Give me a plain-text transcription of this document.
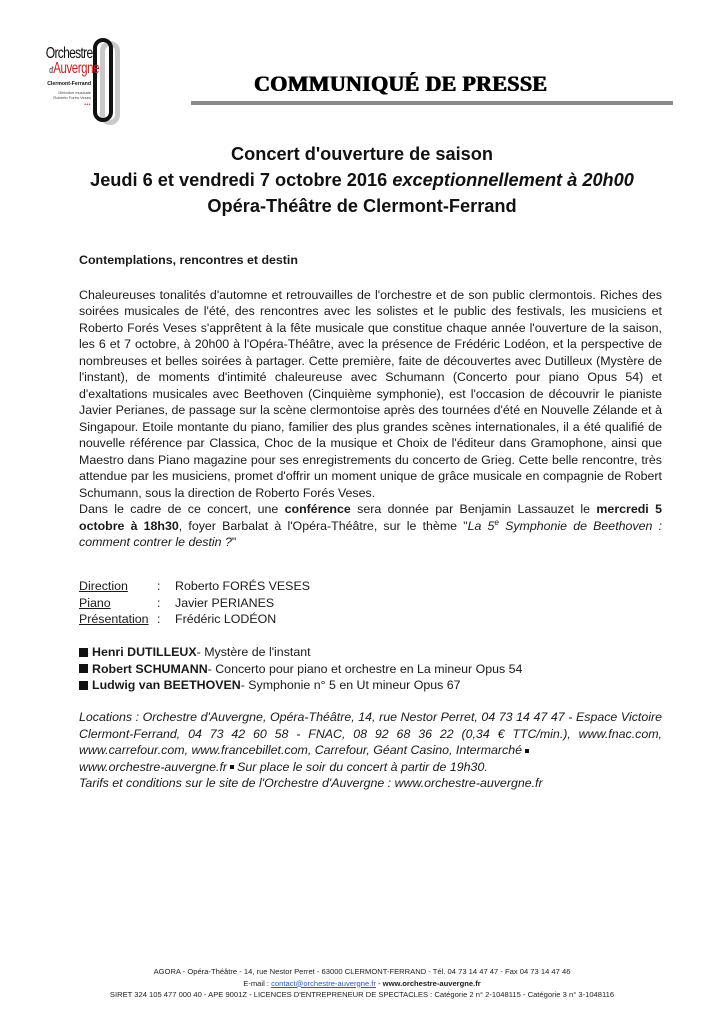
Orchestre
d'Auvergne
Clermont-Ferrand
Direction musicale
Roberto Forés Veses
•••
COMMUNIQUÉ DE PRESSE
Concert d'ouverture de saison
Jeudi 6 et vendredi 7 octobre 2016 exceptionnellement à 20h00
Opéra-Théâtre de Clermont-Ferrand

Contemplations, rencontres et destin

Chaleureuses tonalités d'automne et retrouvailles de l'orchestre et de son public clermontois. Riches des soirées musicales de l'été, des rencontres avec les solistes et le public des festivals, les musiciens et Roberto Forés Veses s'apprêtent à la fête musicale que constitue chaque année l'ouverture de la saison, les 6 et 7 octobre, à 20h00 à l'Opéra-Théâtre, avec la présence de Frédéric Lodéon, et la perspective de nombreuses et belles soirées à partager. Cette première, faite de découvertes avec Dutilleux (Mystère de l'instant), de moments d'intimité chaleureuse avec Schumann (Concerto pour piano Opus 54) et d'exaltations musicales avec Beethoven (Cinquième symphonie), est l'occasion de découvrir le pianiste Javier Perianes, de passage sur la scène clermontoise après des tournées d'été en Nouvelle Zélande et à Singapour. Etoile montante du piano, familier des plus grandes scènes internationales, il a été qualifié de nouvelle référence par Classica, Choc de la musique et Choix de l'éditeur dans Gramophone, ainsi que Maestro dans Piano magazine pour ses enregistrements du concerto de Grieg. Cette belle rencontre, très attendue par les musiciens, promet d'offrir un moment unique de grâce musicale en compagnie de Robert Schumann, sous la direction de Roberto Forés Veses.

Dans le cadre de ce concert, une conférence sera donnée par Benjamin Lassauzet le mercredi 5 octobre à 18h30, foyer Barbalat à l'Opéra-Théâtre, sur le thème "La 5e Symphonie de Beethoven : comment contrer le destin ?"

Direction	:	Roberto FORÉS VESES
Piano	:	Javier PERIANES
Présentation :	Frédéric LODÉON
Henri DUTILLEUX - Mystère de l'instant
Robert SCHUMANN - Concerto pour piano et orchestre en La mineur Opus 54
Ludwig van BEETHOVEN - Symphonie n° 5 en Ut mineur Opus 67
Locations : Orchestre d'Auvergne, Opéra-Théâtre, 14, rue Nestor Perret, 04 73 14 47 47 - Espace Victoire
Clermont-Ferrand, 04 73 42 60 58 - FNAC, 08 92 68 36 22 (0,34 € TTC/min.), www.fnac.com,
www.carrefour.com, www.francebillet.com, Carrefour, Géant Casino, Intermarché
www.orchestre-auvergne.fr Sur place le soir du concert à partir de 19h30.
Tarifs et conditions sur le site de l'Orchestre d'Auvergne : www.orchestre-auvergne.fr
AGORA - Opéra-Théâtre - 14, rue Nestor Perret - 63000 CLERMONT-FERRAND - Tél. 04 73 14 47 47 - Fax 04 73 14 47 46
E-mail : contact@orchestre-auvergne.fr - www.orchestre-auvergne.fr
SIRET 324 105 477 000 40 - APE 9001Z - LICENCES D'ENTREPRENEUR DE SPECTACLES : Catégorie 2 n° 2-1048115 - Catégorie 3 n° 3-1048116
